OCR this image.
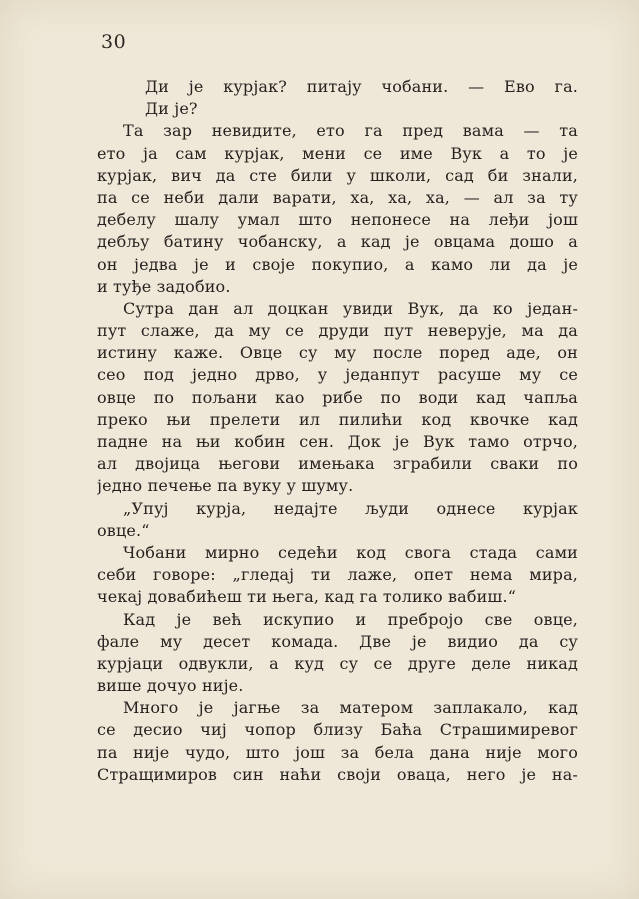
30
Ди је курјак? питају чобани. — Ево га.
Ди је?
Та зар невидите, ето га пред вама — та
ето ја сам курјак, мени се име Вук а то је
курјак, вич да сте били у школи, сад би знали,
па се неби дали варати, ха, ха, ха, — ал за ту
дебелу шалу умал што непонесе на леђи још
дебљу батину чобанску, а кад је овцама дошо а
он једва је и своје покупио, а камо ли да је
и туђе задобио.
Сутра дан ал доцкан увиди Вук, да ко један-
пут слаже, да му се друди пут неверује, ма да
истину каже. Овце су му после поред аде, он
сео под једно дрво, у једанпут расуше му се
овце по пољани као рибе по води кад чапља
преко њи прелети ил пилићи код квочке кад
падне на њи кобин сен. Док је Вук тамо отрчо,
ал двојица његови имењака зграбили сваки по
једно печење па вуку у шуму.
„Упуј курја, недајте људи однесе курјак
овце.“
Чобани мирно седећи код свога стада сами
себи говоре: „гледај ти лаже, опет нема мира,
чекај довабићеш ти њега, кад га толико вабиш.“
Кад је већ искупио и пребројо све овце,
фале му десет комада. Две је видио да су
курјаци одвукли, а куд су се друге деле никад
више дочуо није.
Много је јагње за матером заплакало, кад
се десио чиј чопор близу Баћа Страшимиревог
па није чудо, што још за бела дана није мого
Стращимиров син наћи своји оваца, него је на-
